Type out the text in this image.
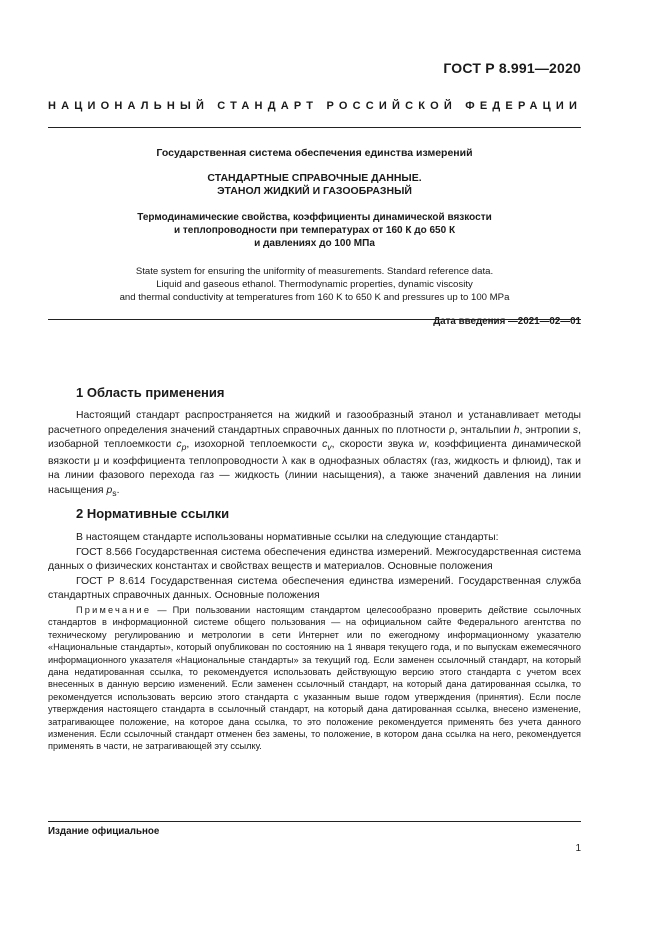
ГОСТ Р 8.991—2020
НАЦИОНАЛЬНЫЙ СТАНДАРТ РОССИЙСКОЙ ФЕДЕРАЦИИ
Государственная система обеспечения единства измерений
СТАНДАРТНЫЕ СПРАВОЧНЫЕ ДАННЫЕ.
ЭТАНОЛ ЖИДКИЙ И ГАЗООБРАЗНЫЙ
Термодинамические свойства, коэффициенты динамической вязкости
и теплопроводности при температурах от 160 К до 650 К
и давлениях до 100 МПа
State system for ensuring the uniformity of measurements. Standard reference data.
Liquid and gaseous ethanol. Thermodynamic properties, dynamic viscosity
and thermal conductivity at temperatures from 160 K to 650 K and pressures up to 100 MPa
Дата введения —2021—02—01
1 Область применения
Настоящий стандарт распространяется на жидкий и газообразный этанол и устанавливает методы расчетного определения значений стандартных справочных данных по плотности ρ, энтальпии h, энтропии s, изобарной теплоемкости $c_p$, изохорной теплоемкости $c_v$, скорости звука w, коэффициента динамической вязкости μ и коэффициента теплопроводности λ как в однофазных областях (газ, жидкость и флюид), так и на линии фазового перехода газ — жидкость (линии насыщения), а также значений давления на линии насыщения $p_s$.
2 Нормативные ссылки
В настоящем стандарте использованы нормативные ссылки на следующие стандарты:
ГОСТ 8.566 Государственная система обеспечения единства измерений. Межгосударственная система данных о физических константах и свойствах веществ и материалов. Основные положения
ГОСТ Р 8.614 Государственная система обеспечения единства измерений. Государственная служба стандартных справочных данных. Основные положения
Примечание — При пользовании настоящим стандартом целесообразно проверить действие ссылочных стандартов в информационной системе общего пользования — на официальном сайте Федерального агентства по техническому регулированию и метрологии в сети Интернет или по ежегодному информационному указателю «Национальные стандарты», который опубликован по состоянию на 1 января текущего года, и по выпускам ежемесячного информационного указателя «Национальные стандарты» за текущий год. Если заменен ссылочный стандарт, на который дана недатированная ссылка, то рекомендуется использовать действующую версию этого стандарта с учетом всех внесенных в данную версию изменений. Если заменен ссылочный стандарт, на который дана датированная ссылка, то рекомендуется использовать версию этого стандарта с указанным выше годом утверждения (принятия). Если после утверждения настоящего стандарта в ссылочный стандарт, на который дана датированная ссылка, внесено изменение, затрагивающее положение, на которое дана ссылка, то это положение рекомендуется применять без учета данного изменения. Если ссылочный стандарт отменен без замены, то положение, в котором дана ссылка на него, рекомендуется применять в части, не затрагивающей эту ссылку.
Издание официальное
1
